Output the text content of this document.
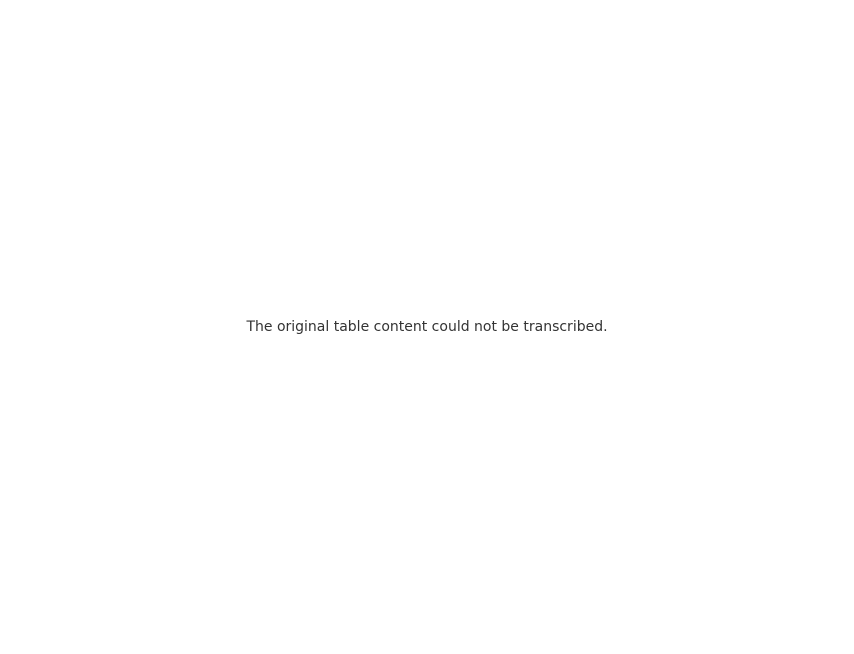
The original table content could not be transcribed.
